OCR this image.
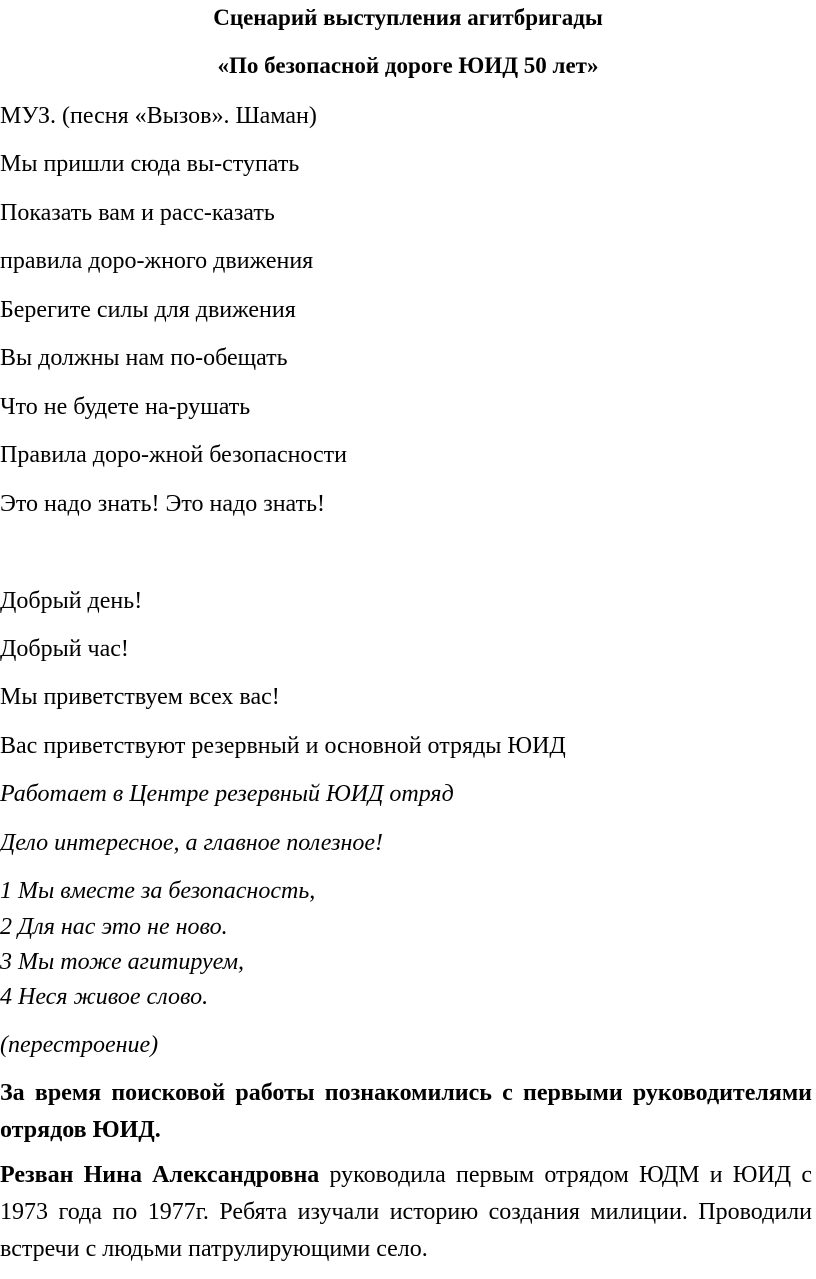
Сценарий выступления агитбригады
«По безопасной дороге ЮИД 50 лет»
МУЗ. (песня «Вызов». Шаман)
Мы пришли сюда вы-ступать
Показать вам и расс-казать
правила доро-жного движения
Берегите силы для движения
Вы должны нам по-обещать
Что не будете на-рушать
Правила доро-жной безопасности
Это надо знать! Это надо знать!
Добрый день!
Добрый час!
Мы приветствуем всех вас!
Вас приветствуют резервный и основной отряды ЮИД
Работает в Центре резервный ЮИД отряд
Дело интересное, а главное полезное!
1 Мы вместе за безопасность,
2 Для нас это не ново.
3 Мы тоже агитируем,
4 Неся живое слово.
(перестроение)
За время поисковой работы познакомились с первыми руководителями отрядов ЮИД.
Резван Нина Александровна руководила первым отрядом ЮДМ и ЮИД с 1973 года по 1977г. Ребята изучали историю создания милиции. Проводили встречи с людьми патрулирующими село.
